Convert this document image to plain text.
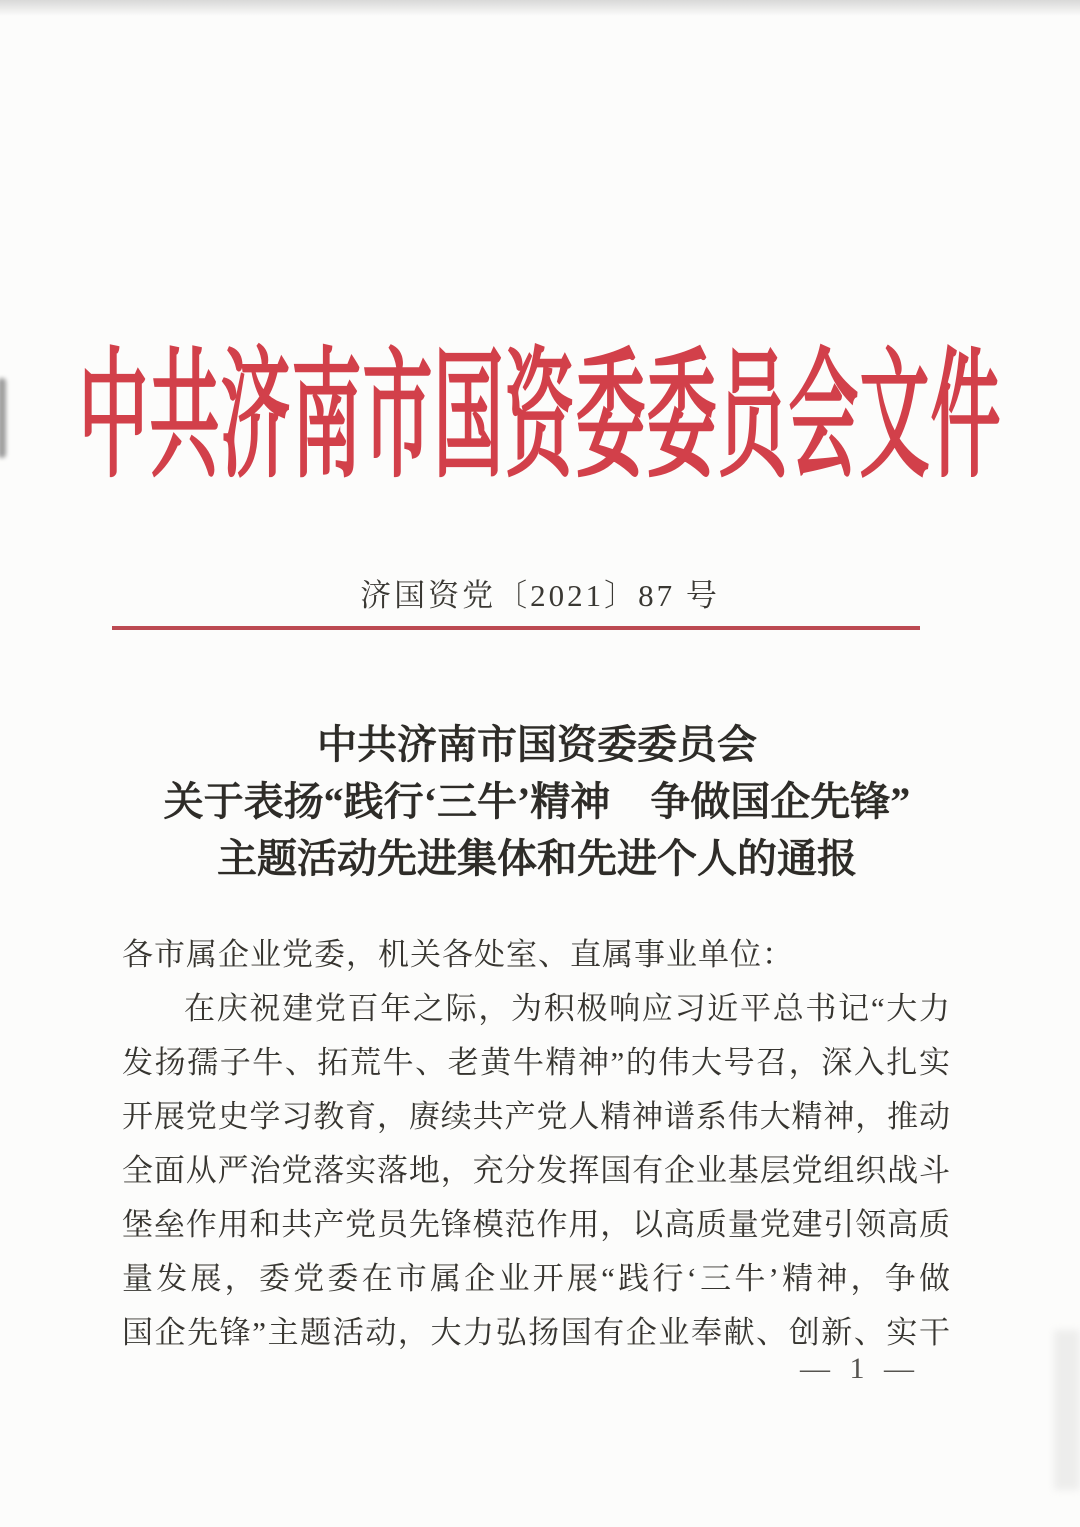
中共济南市国资委委员会文件
济国资党〔2021〕87 号
中共济南市国资委委员会
关于表扬“践行‘三牛’精神　争做国企先锋”
主题活动先进集体和先进个人的通报
各市属企业党委，机关各处室、直属事业单位：
在庆祝建党百年之际，为积极响应习近平总书记“大力
发扬孺子牛、拓荒牛、老黄牛精神”的伟大号召，深入扎实
开展党史学习教育，赓续共产党人精神谱系伟大精神，推动
全面从严治党落实落地，充分发挥国有企业基层党组织战斗
堡垒作用和共产党员先锋模范作用，以高质量党建引领高质
量发展，委党委在市属企业开展“践行‘三牛’精神，争做
国企先锋”主题活动，大力弘扬国有企业奉献、创新、实干
— 1 —
